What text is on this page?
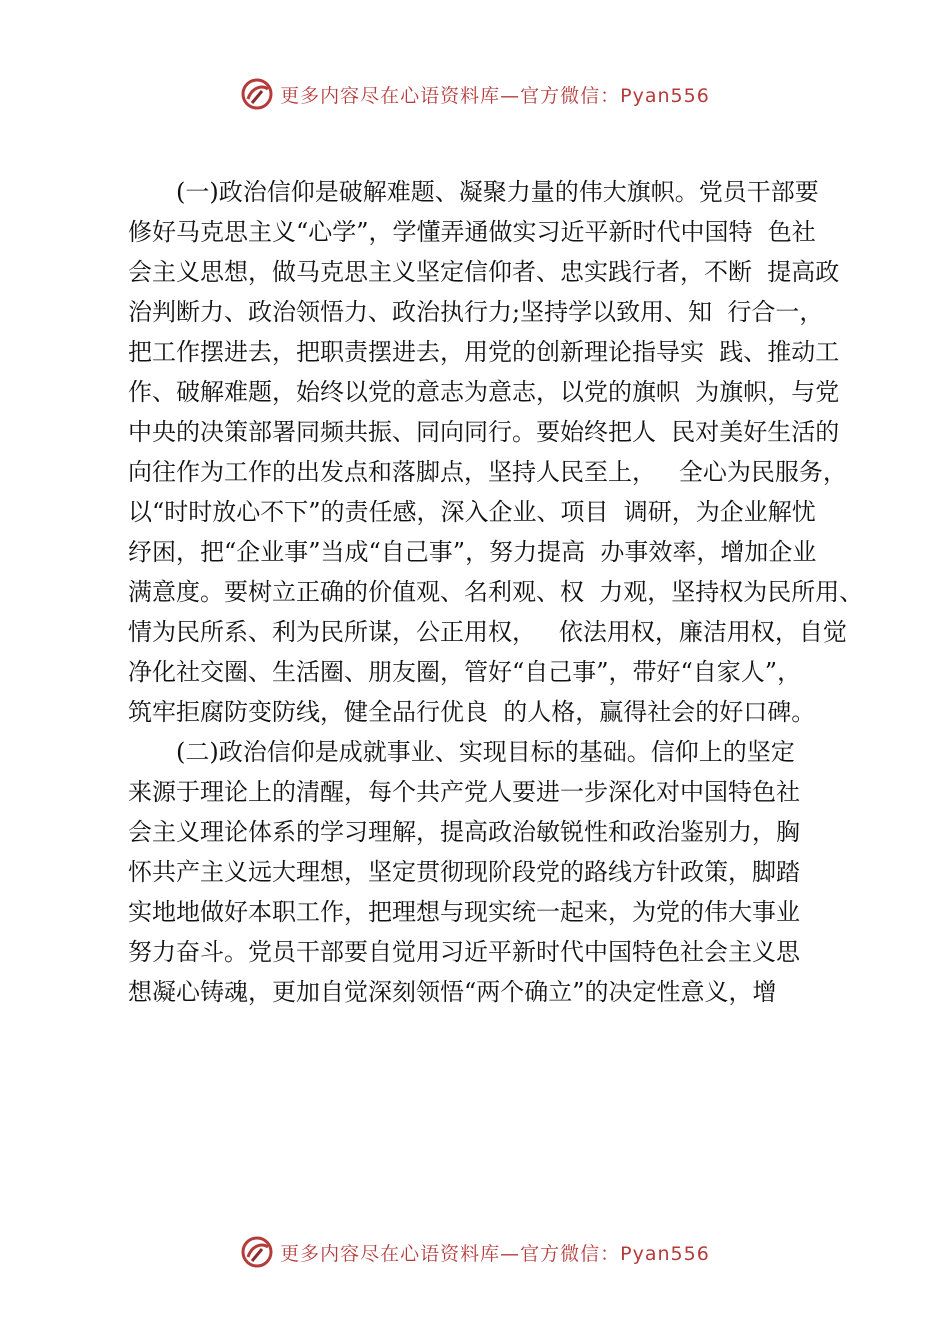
更多内容尽在心语资料库—官方微信：Pyan556
(一)政治信仰是破解难题、凝聚力量的伟大旗帜。党员干部要
修好马克思主义“心学”，学懂弄通做实习近平新时代中国特  色社
会主义思想，做马克思主义坚定信仰者、忠实践行者，不断  提高政
治判断力、政治领悟力、政治执行力;坚持学以致用、知  行合一，
把工作摆进去，把职责摆进去，用党的创新理论指导实  践、推动工
作、破解难题，始终以党的意志为意志，以党的旗帜  为旗帜，与党
中央的决策部署同频共振、同向同行。要始终把人  民对美好生活的
向往作为工作的出发点和落脚点，坚持人民至上，   全心为民服务，
以“时时放心不下”的责任感，深入企业、项目  调研，为企业解忧
纾困，把“企业事”当成“自己事”，努力提高  办事效率，增加企业
满意度。要树立正确的价值观、名利观、权  力观，坚持权为民所用、
情为民所系、利为民所谋，公正用权，   依法用权，廉洁用权，自觉
净化社交圈、生活圈、朋友圈，管好“自己事”，带好“自家人”，
筑牢拒腐防变防线，健全品行优良  的人格，赢得社会的好口碑。
(二)政治信仰是成就事业、实现目标的基础。信仰上的坚定
来源于理论上的清醒，每个共产党人要进一步深化对中国特色社
会主义理论体系的学习理解，提高政治敏锐性和政治鉴别力，胸
怀共产主义远大理想，坚定贯彻现阶段党的路线方针政策，脚踏
实地地做好本职工作，把理想与现实统一起来，为党的伟大事业
努力奋斗。党员干部要自觉用习近平新时代中国特色社会主义思
想凝心铸魂，更加自觉深刻领悟“两个确立”的决定性意义，增
更多内容尽在心语资料库—官方微信：Pyan556
